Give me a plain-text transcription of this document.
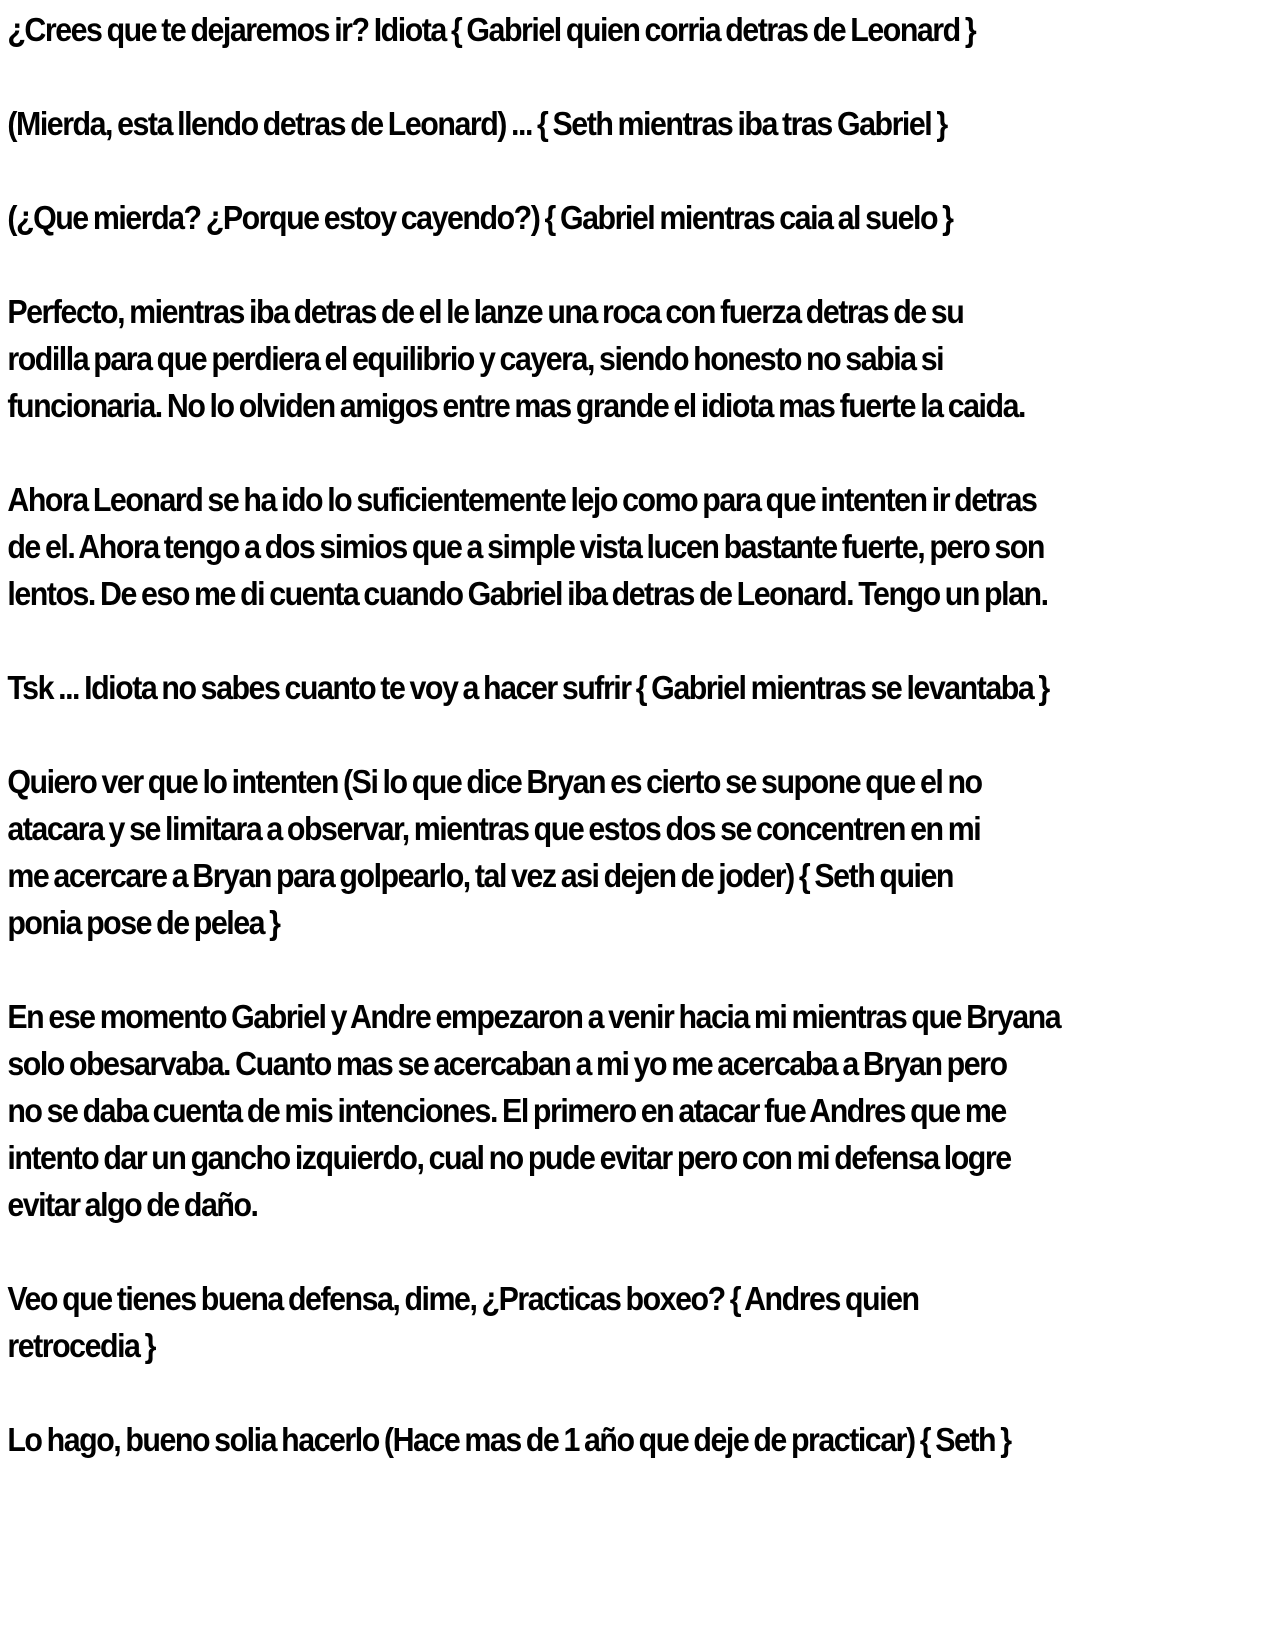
¿Crees que te dejaremos ir? Idiota { Gabriel quien corria detras de Leonard }

(Mierda, esta llendo detras de Leonard) ... { Seth mientras iba tras Gabriel }

(¿Que mierda? ¿Porque estoy cayendo?) { Gabriel mientras caia al suelo }

Perfecto, mientras iba detras de el le lanze una roca con fuerza detras de su
rodilla para que perdiera el equilibrio y cayera, siendo honesto no sabia si
funcionaria. No lo olviden amigos entre mas grande el idiota mas fuerte la caida.

Ahora Leonard se ha ido lo suficientemente lejo como para que intenten ir detras
de el. Ahora tengo a dos simios que a simple vista lucen bastante fuerte, pero son
lentos. De eso me di cuenta cuando Gabriel iba detras de Leonard. Tengo un plan.

Tsk ... Idiota no sabes cuanto te voy a hacer sufrir { Gabriel mientras se levantaba }

Quiero ver que lo intenten (Si lo que dice Bryan es cierto se supone que el no
atacara y se limitara a observar, mientras que estos dos se concentren en mi
me acercare a Bryan para golpearlo, tal vez asi dejen de joder) { Seth quien
ponia pose de pelea }

En ese momento Gabriel y Andre empezaron a venir hacia mi mientras que Bryana
solo obesarvaba. Cuanto mas se acercaban a mi yo me acercaba a Bryan pero
no se daba cuenta de mis intenciones. El primero en atacar fue Andres que me
intento dar un gancho izquierdo, cual no pude evitar pero con mi defensa logre
evitar algo de daño.

Veo que tienes buena defensa, dime, ¿Practicas boxeo? { Andres quien
retrocedia }

Lo hago, bueno solia hacerlo (Hace mas de 1 año que deje de practicar) { Seth }
